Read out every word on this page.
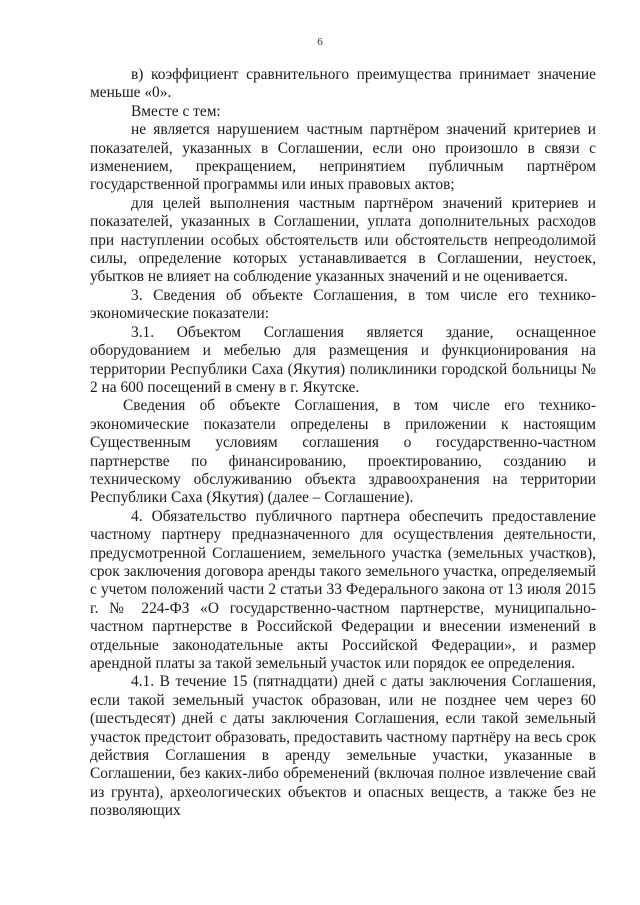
6

в) коэффициент сравнительного преимущества принимает значение меньше «0».

Вместе с тем:

не является нарушением частным партнёром значений критериев и показателей, указанных в Соглашении, если оно произошло в связи с изменением, прекращением, непринятием публичным партнёром государственной программы или иных правовых актов;

для целей выполнения частным партнёром значений критериев и показателей, указанных в Соглашении, уплата дополнительных расходов при наступлении особых обстоятельств или обстоятельств непреодолимой силы, определение которых устанавливается в Соглашении, неустоек, убытков не влияет на соблюдение указанных значений и не оценивается.

3. Сведения об объекте Соглашения, в том числе его технико-экономические показатели:

3.1. Объектом Соглашения является здание, оснащенное оборудованием и мебелью для размещения и функционирования на территории Республики Саха (Якутия) поликлиники городской больницы № 2 на 600 посещений в смену в г. Якутске.

Сведения об объекте Соглашения, в том числе его технико-экономические показатели определены в приложении к настоящим Существенным условиям соглашения о государственно-частном партнерстве по финансированию, проектированию, созданию и техническому обслуживанию объекта здравоохранения на территории Республики Саха (Якутия) (далее – Соглашение).

4. Обязательство публичного партнера обеспечить предоставление частному партнеру предназначенного для осуществления деятельности, предусмотренной Соглашением, земельного участка (земельных участков), срок заключения договора аренды такого земельного участка, определяемый с учетом положений части 2 статьи 33 Федерального закона от 13 июля 2015 г. № 224-ФЗ «О государственно-частном партнерстве, муниципально-частном партнерстве в Российской Федерации и внесении изменений в отдельные законодательные акты Российской Федерации», и размер арендной платы за такой земельный участок или порядок ее определения.

4.1. В течение 15 (пятнадцати) дней с даты заключения Соглашения, если такой земельный участок образован, или не позднее чем через 60 (шестьдесят) дней с даты заключения Соглашения, если такой земельный участок предстоит образовать, предоставить частному партнёру на весь срок действия Соглашения в аренду земельные участки, указанные в Соглашении, без каких-либо обременений (включая полное извлечение свай из грунта), археологических объектов и опасных веществ, а также без не позволяющих
